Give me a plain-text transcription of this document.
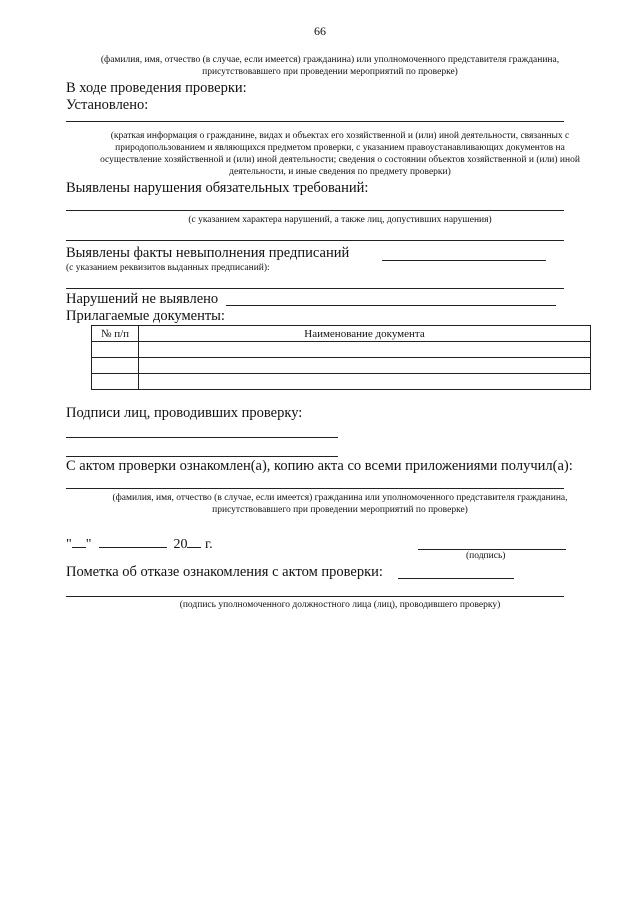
66
(фамилия, имя, отчество (в случае, если имеется) гражданина) или уполномоченного представителя гражданина,
присутствовавшего при проведении мероприятий по проверке)
В ходе проведения проверки:
Установлено:
(краткая информация о гражданине, видах и объектах его хозяйственной и (или) иной деятельности, связанных с
природопользованием и являющихся предметом проверки, с указанием правоустанавливающих документов на
осуществление хозяйственной и (или) иной деятельности; сведения о состоянии объектов хозяйственной и (или) иной
деятельности, и иные сведения по предмету проверки)
Выявлены нарушения обязательных требований:
(с указанием характера нарушений, а также лиц, допустивших нарушения)
Выявлены факты невыполнения предписаний
(с указанием реквизитов выданных предписаний):
Нарушений не выявлено
Прилагаемые документы:
№ п/п	Наименование документа

Подписи лиц, проводивших проверку:
С актом проверки ознакомлен(а), копию акта со всеми приложениями получил(а):
(фамилия, имя, отчество (в случае, если имеется) гражданина или уполномоченного представителя гражданина,
присутствовавшего при проведении мероприятий по проверке)
" "	20 г.
(подпись)
Пометка об отказе ознакомления с актом проверки:
(подпись уполномоченного должностного лица (лиц), проводившего проверку)
